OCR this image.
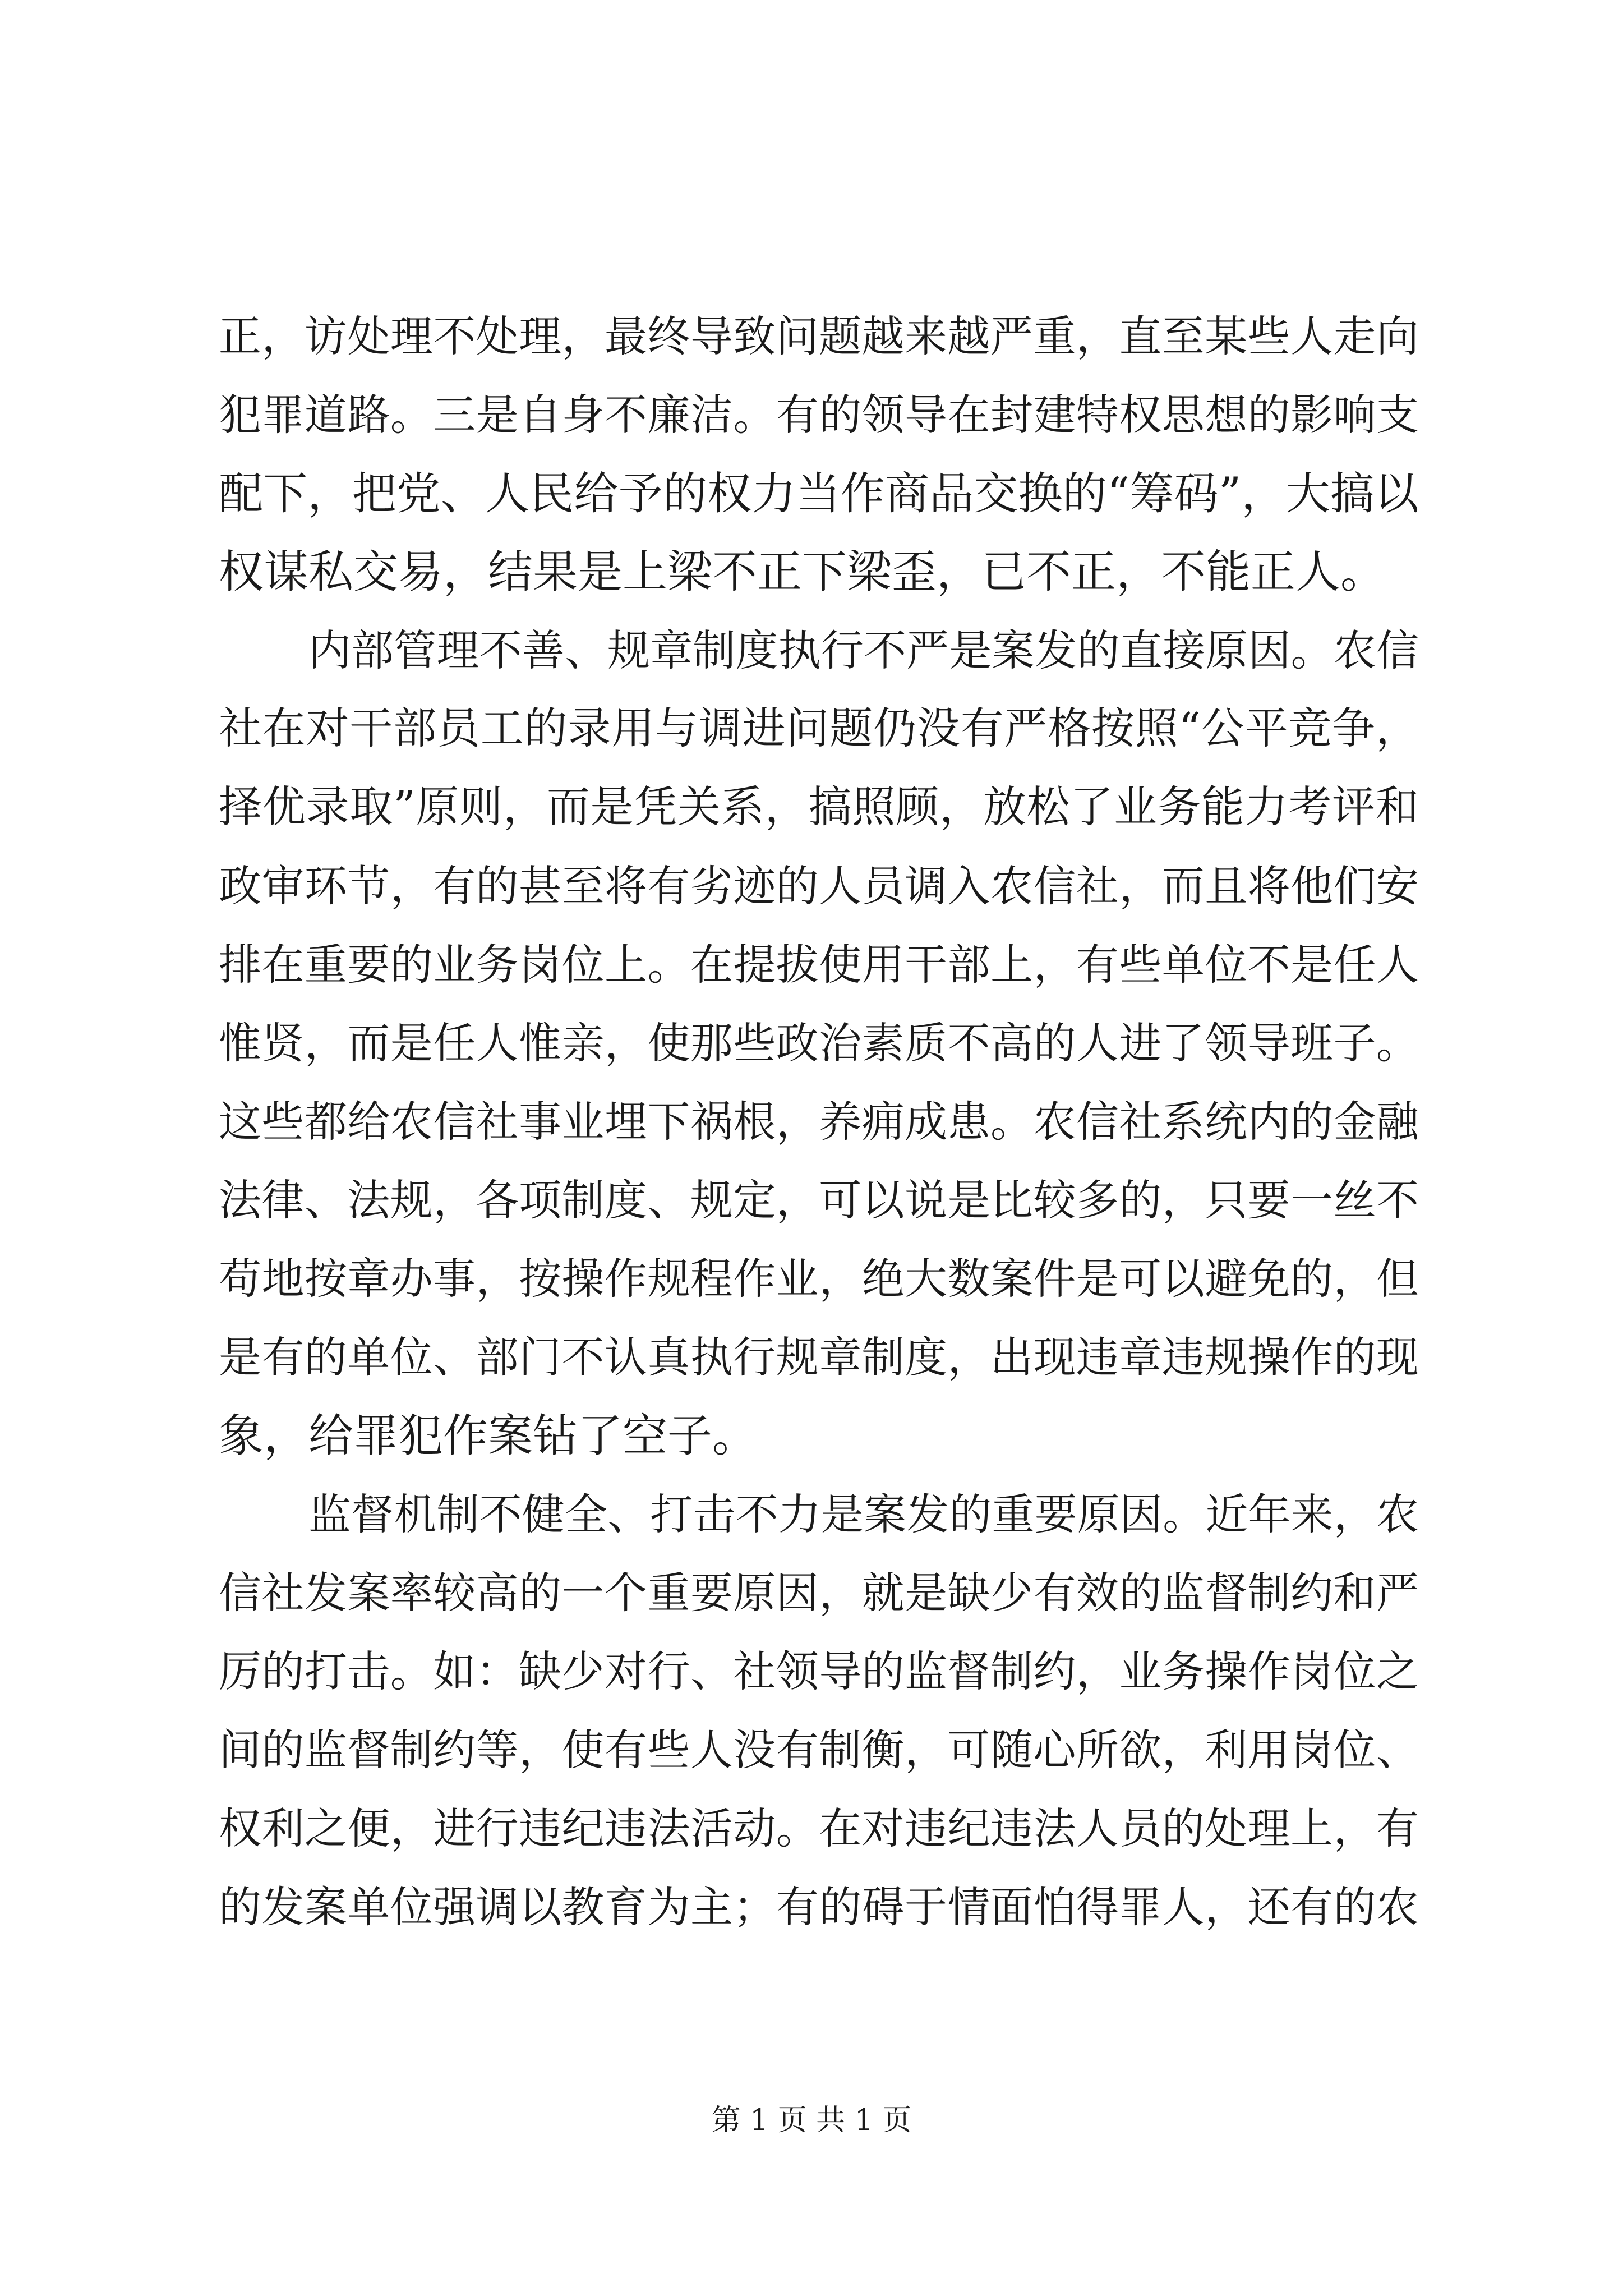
正，访处理不处理，最终导致问题越来越严重，直至某些人走向
犯罪道路。三是自身不廉洁。有的领导在封建特权思想的影响支
配下，把党、人民给予的权力当作商品交换的“筹码”，大搞以
权谋私交易，结果是上梁不正下梁歪，已不正，不能正人。
内部管理不善、规章制度执行不严是案发的直接原因。农信
社在对干部员工的录用与调进问题仍没有严格按照“公平竞争，
择优录取”原则，而是凭关系，搞照顾，放松了业务能力考评和
政审环节，有的甚至将有劣迹的人员调入农信社，而且将他们安
排在重要的业务岗位上。在提拔使用干部上，有些单位不是任人
惟贤，而是任人惟亲，使那些政治素质不高的人进了领导班子。
这些都给农信社事业埋下祸根，养痈成患。农信社系统内的金融
法律、法规，各项制度、规定，可以说是比较多的，只要一丝不
苟地按章办事，按操作规程作业，绝大数案件是可以避免的，但
是有的单位、部门不认真执行规章制度，出现违章违规操作的现
象，给罪犯作案钻了空子。
监督机制不健全、打击不力是案发的重要原因。近年来，农
信社发案率较高的一个重要原因，就是缺少有效的监督制约和严
厉的打击。如：缺少对行、社领导的监督制约，业务操作岗位之
间的监督制约等，使有些人没有制衡，可随心所欲，利用岗位、
权利之便，进行违纪违法活动。在对违纪违法人员的处理上，有
的发案单位强调以教育为主；有的碍于情面怕得罪人，还有的农
第 1 页 共 1 页
